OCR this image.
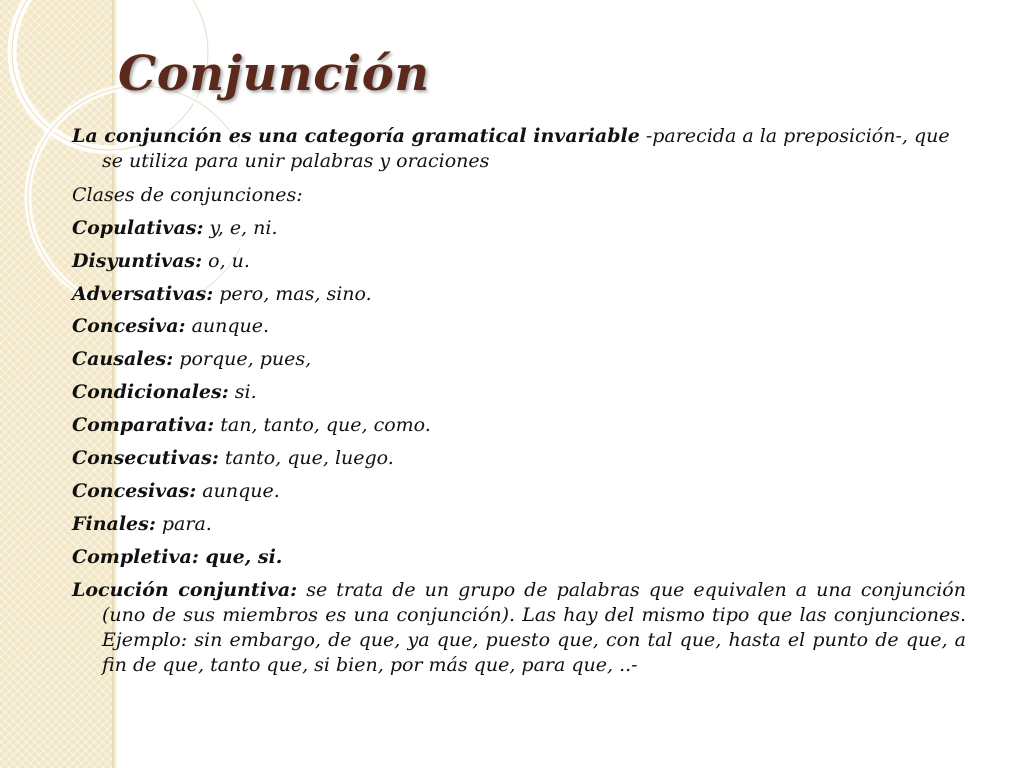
Conjunción
La conjunción es una categoría gramatical invariable -parecida a la preposición-, que se utiliza para unir palabras y oraciones
Clases de conjunciones:
Copulativas: y, e, ni.
Disyuntivas: o, u.
Adversativas: pero, mas, sino.
Concesiva: aunque.
Causales: porque, pues,
Condicionales: si.
Comparativa: tan, tanto, que, como.
Consecutivas: tanto, que, luego.
Concesivas: aunque.
Finales: para.
Completiva: que, si.
Locución conjuntiva: se trata de un grupo de palabras que equivalen a una conjunción (uno de sus miembros es una conjunción). Las hay del mismo tipo que las conjunciones. Ejemplo: sin embargo, de que, ya que, puesto que, con tal que, hasta el punto de que, a fin de que, tanto que, si bien, por más que, para que, ..-
